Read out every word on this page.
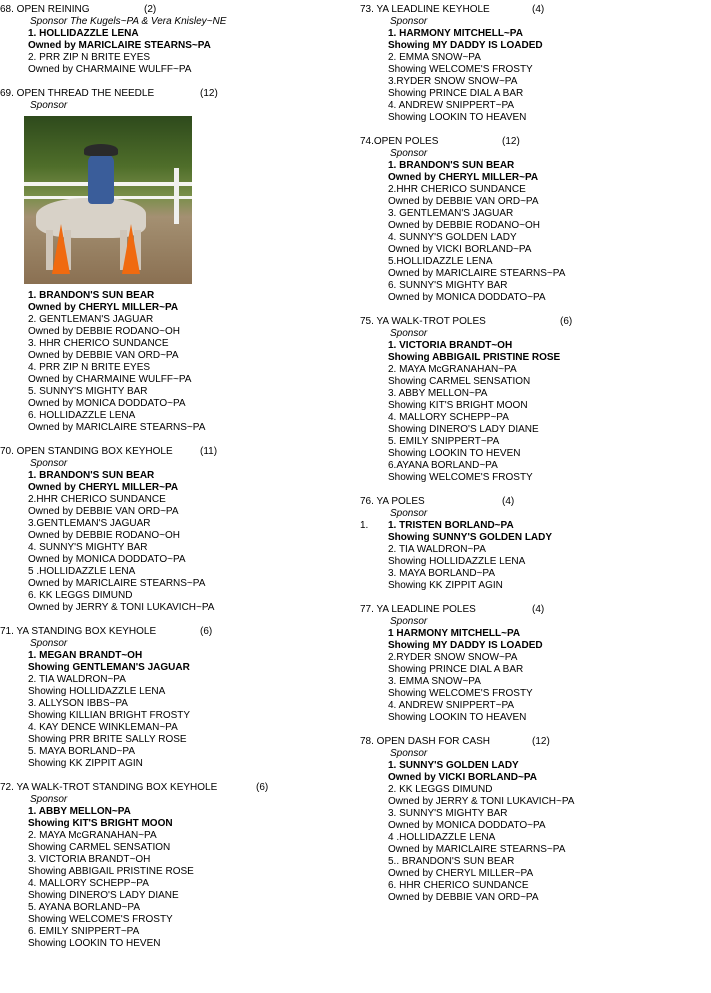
68. OPEN REINING	(2)
Sponsor The Kugels~PA & Vera Knisley~NE
1. HOLLIDAZZLE LENA
Owned by MARICLAIRE STEARNS~PA
2. PRR ZIP N BRITE EYES
Owned by CHARMAINE WULFF~PA
69. OPEN THREAD THE NEEDLE	(12)
Sponsor
1. BRANDON'S SUN BEAR
Owned by CHERYL MILLER~PA
2. GENTLEMAN'S JAGUAR
Owned by DEBBIE RODANO~OH
3. HHR CHERICO SUNDANCE
Owned by DEBBIE VAN ORD~PA
4. PRR ZIP N BRITE EYES
Owned by CHARMAINE WULFF~PA
5. SUNNY'S MIGHTY BAR
Owned by MONICA DODDATO~PA
6. HOLLIDAZZLE LENA
Owned by MARICLAIRE STEARNS~PA
70. OPEN STANDING BOX KEYHOLE	(11)
Sponsor
1. BRANDON'S SUN BEAR
Owned by CHERYL MILLER~PA
2.HHR CHERICO SUNDANCE
Owned by DEBBIE VAN ORD~PA
3.GENTLEMAN'S JAGUAR
Owned by DEBBIE RODANO~OH
4. SUNNY'S MIGHTY BAR
Owned by MONICA DODDATO~PA
5 .HOLLIDAZZLE LENA
Owned by MARICLAIRE STEARNS~PA
6. KK LEGGS DIMUND
Owned by JERRY & TONI LUKAVICH~PA
71. YA STANDING BOX KEYHOLE	(6)
Sponsor
1. MEGAN BRANDT~OH
Showing GENTLEMAN'S JAGUAR
2. TIA WALDRON~PA
Showing HOLLIDAZZLE LENA
3. ALLYSON IBBS~PA
Showing KILLIAN BRIGHT FROSTY
4. KAY DENCE WINKLEMAN~PA
Showing PRR BRITE SALLY ROSE
5. MAYA BORLAND~PA
Showing KK ZIPPIT AGIN
72. YA WALK-TROT STANDING BOX KEYHOLE	(6)
Sponsor
1. ABBY MELLON~PA
Showing KIT'S BRIGHT MOON
2. MAYA McGRANAHAN~PA
Showing CARMEL SENSATION
3. VICTORIA BRANDT~OH
Showing ABBIGAIL PRISTINE ROSE
4. MALLORY SCHEPP~PA
Showing DINERO'S LADY DIANE
5. AYANA BORLAND~PA
Showing WELCOME'S FROSTY
6. EMILY SNIPPERT~PA
Showing LOOKIN TO HEVEN
73. YA LEADLINE KEYHOLE	(4)
Sponsor
1. HARMONY MITCHELL~PA
Showing MY DADDY IS LOADED
2. EMMA SNOW~PA
Showing WELCOME'S FROSTY
3.RYDER SNOW SNOW~PA
Showing PRINCE DIAL A BAR
4. ANDREW SNIPPERT~PA
Showing LOOKIN TO HEAVEN
74.OPEN POLES	(12)
Sponsor
1. BRANDON'S SUN BEAR
Owned by CHERYL MILLER~PA
2.HHR CHERICO SUNDANCE
Owned by DEBBIE VAN ORD~PA
3. GENTLEMAN'S JAGUAR
Owned by DEBBIE RODANO~OH
4. SUNNY'S GOLDEN LADY
Owned by VICKI BORLAND~PA
5.HOLLIDAZZLE LENA
Owned by MARICLAIRE STEARNS~PA
6. SUNNY'S MIGHTY BAR
Owned by MONICA DODDATO~PA
75. YA WALK-TROT POLES	(6)
Sponsor
1. VICTORIA BRANDT~OH
Showing ABBIGAIL PRISTINE ROSE
2. MAYA McGRANAHAN~PA
Showing CARMEL SENSATION
3. ABBY MELLON~PA
Showing KIT'S BRIGHT MOON
4. MALLORY SCHEPP~PA
Showing DINERO'S LADY DIANE
5. EMILY SNIPPERT~PA
Showing LOOKIN TO HEVEN
6.AYANA BORLAND~PA
Showing WELCOME'S FROSTY
76. YA POLES	(4)
Sponsor
1. 1. TRISTEN BORLAND~PA
Showing SUNNY'S GOLDEN LADY
2. TIA WALDRON~PA
Showing HOLLIDAZZLE LENA
3. MAYA BORLAND~PA
Showing KK ZIPPIT AGIN
77. YA LEADLINE POLES	(4)
Sponsor
1 HARMONY MITCHELL~PA
Showing MY DADDY IS LOADED
2.RYDER SNOW SNOW~PA
Showing PRINCE DIAL A BAR
3. EMMA SNOW~PA
Showing WELCOME'S FROSTY
4. ANDREW SNIPPERT~PA
Showing LOOKIN TO HEAVEN
78. OPEN DASH FOR CASH	(12)
Sponsor
1. SUNNY'S GOLDEN LADY
Owned by VICKI BORLAND~PA
2. KK LEGGS DIMUND
Owned by JERRY & TONI LUKAVICH~PA
3. SUNNY'S MIGHTY BAR
Owned by MONICA DODDATO~PA
4 .HOLLIDAZZLE LENA
Owned by MARICLAIRE STEARNS~PA
5.. BRANDON'S SUN BEAR
Owned by CHERYL MILLER~PA
6. HHR CHERICO SUNDANCE
Owned by DEBBIE VAN ORD~PA
